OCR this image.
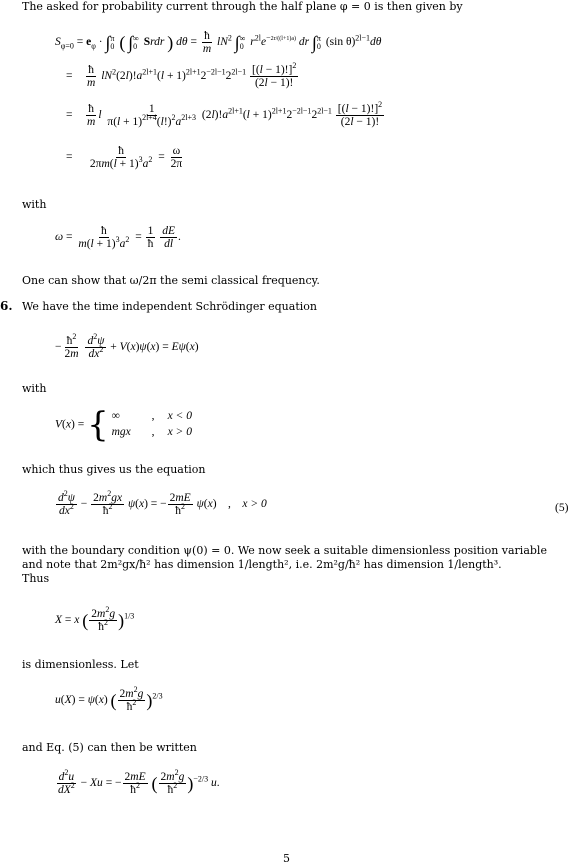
The asked for probability current through the half plane φ = 0 is then given by
$S_{\varphi=0} = e_\varphi$ · ∫ π
0 ( ∫ ∞
0 Srdr ) $d\theta = \frac{ħ}{m} lN^2$ ∫ ∞
0 $r^{2l}e^{-2r/((l+1)a)}$ dr ∫ π
0 (sin θ)$^{2l-1}$dθ
= $\frac{ħ}{m} lN^2(2l)!a^{2l+1}(l + 1)^{2l+1}2^{-2l-1}2^{2l-1} \frac{[(l - 1)!]^2}{(2l - 1)!}$
= $\frac{ħ}{m}$ l $\frac{1}{\pi(l + 1)^{2l+4}(l!)^2a^{2l+3}} (2l)!a^{2l+1}(l + 1)^{2l+1}2^{-2l-1}2^{2l-1} \frac{[(l - 1)!]^2}{(2l - 1)!}$
= $\frac{ħ}{2\pi m(l + 1)^3a^2} = \frac{\omega}{2\pi}$
with
$\omega = \frac{ħ}{m(l + 1)^3a^2} = \frac{1}{ħ}$
$\frac{dE}{dl}$ .
One can show that ω/2π the semi classical frequency.
6. We have the time independent Schrödinger equation
− $\frac{ħ^2}{2m}$
$\frac{d^2\psi}{dx^2} + V(x)\psi(x) = E\psi(x)$
with
V(x) = { ∞	,	x < 0
mgx	,	x > 0
which thus gives us the equation
$\frac{d^2\psi}{dx^2} - \frac{2m^2gx}{ħ^2} \psi(x)$ = − $\frac{2mE}{ħ^2} \psi(x)$    ,    x > 0	(5)
with the boundary condition ψ(0) = 0. We now seek a suitable dimensionless position variable
and note that 2m²gx/ħ² has dimension 1/length², i.e. 2m²g/ħ² has dimension 1/length³.
Thus
X = x ( $\frac{2m^2g}{ħ^2} )^{1/3}$
is dimensionless. Let
u(X) = ψ(x) ( $\frac{2m^2g}{ħ^2} )^{2/3}$
and Eq. (5) can then be written
$\frac{d^2u}{dX^2} - Xu$ = − $\frac{2mE}{ħ^2}$ ( $\frac{2m^2g}{ħ^2} )^{-2/3}$ u.
5
